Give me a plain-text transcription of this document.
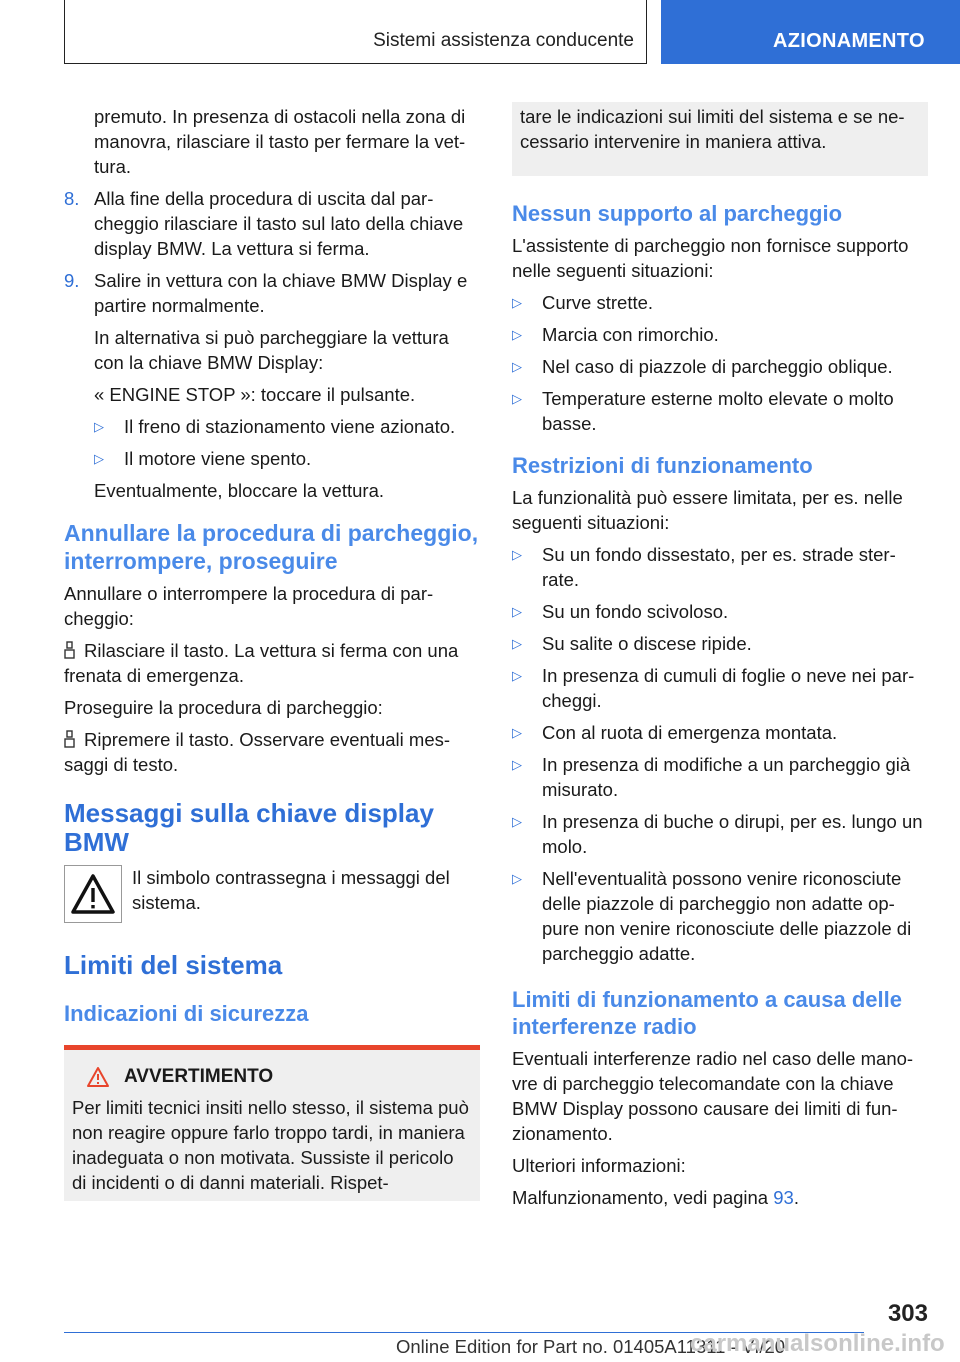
Sistemi assistenza conducente	AZIONAMENTO

premuto. In presenza di ostacoli nella zona di manovra, rilasciare il tasto per fermare la vet-tura.

8. Alla fine della procedura di uscita dal par-cheggio rilasciare il tasto sul lato della chiave display BMW. La vettura si ferma.
9. Salire in vettura con la chiave BMW Display e partire normalmente.

In alternativa si può parcheggiare la vettura con la chiave BMW Display:

« ENGINE STOP »: toccare il pulsante.

▷	Il freno di stazionamento viene azionato.
▷	Il motore viene spento.

Eventualmente, bloccare la vettura.

Annullare la procedura di parcheggio, interrompere, proseguire

Annullare o interrompere la procedura di par-cheggio:

Rilasciare il tasto. La vettura si ferma con una frenata di emergenza.

Proseguire la procedura di parcheggio:

Ripremere il tasto. Osservare eventuali mes-saggi di testo.

Messaggi sulla chiave display BMW
Il simbolo contrassegna i messaggi del sistema.
Limiti del sistema
Indicazioni di sicurezza
AVVERTIMENTO
Per limiti tecnici insiti nello stesso, il sistema può non reagire oppure farlo troppo tardi, in maniera inadeguata o non motivata. Sussiste il pericolo di incidenti o di danni materiali. Rispet-
tare le indicazioni sui limiti del sistema e se ne-cessario intervenire in maniera attiva.
Nessun supporto al parcheggio

L'assistente di parcheggio non fornisce supporto nelle seguenti situazioni:

▷	Curve strette.
▷	Marcia con rimorchio.
▷	Nel caso di piazzole di parcheggio oblique.
▷	Temperature esterne molto elevate o molto basse.
Restrizioni di funzionamento

La funzionalità può essere limitata, per es. nelle seguenti situazioni:

▷	Su un fondo dissestato, per es. strade ster-rate.
▷	Su un fondo scivoloso.
▷	Su salite o discese ripide.
▷	In presenza di cumuli di foglie o neve nei par-cheggi.
▷	Con al ruota di emergenza montata.
▷	In presenza di modifiche a un parcheggio già misurato.
▷	In presenza di buche o dirupi, per es. lungo un molo.
▷	Nell'eventualità possono venire riconosciute delle piazzole di parcheggio non adatte op-pure non venire riconosciute delle piazzole di parcheggio adatte.
Limiti di funzionamento a causa delle interferenze radio

Eventuali interferenze radio nel caso delle mano-vre di parcheggio telecomandate con la chiave BMW Display possono causare dei limiti di fun-zionamento.

Ulteriori informazioni:

Malfunzionamento, vedi pagina 93.

303
Online Edition for Part no. 01405A11311 - VI/20
carmanualsonline.info
